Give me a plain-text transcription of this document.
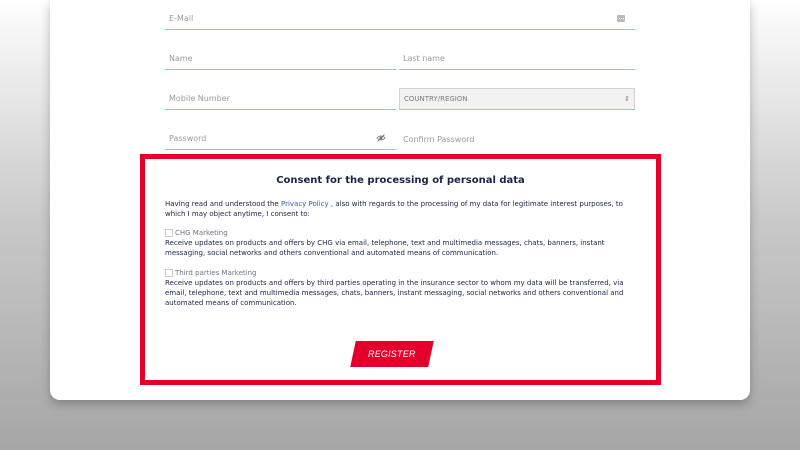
E-Mail
Name	Last name
Mobile Number	COUNTRY/REGION	⇕
Password	Confirm Password
Consent for the processing of personal data
Having read and understood the Privacy Policy , also with regards to the processing of my data for legitimate interest purposes, to which I may object anytime, I consent to:
CHG Marketing
Receive updates on products and offers by CHG via email, telephone, text and multimedia messages, chats, banners, instant messaging, social networks and others conventional and automated means of communication.
Third parties Marketing
Receive updates on products and offers by third parties operating in the insurance sector to whom my data will be transferred, via email, telephone, text and multimedia messages, chats, banners, instant messaging, social networks and others conventional and automated means of communication.
REGISTER
